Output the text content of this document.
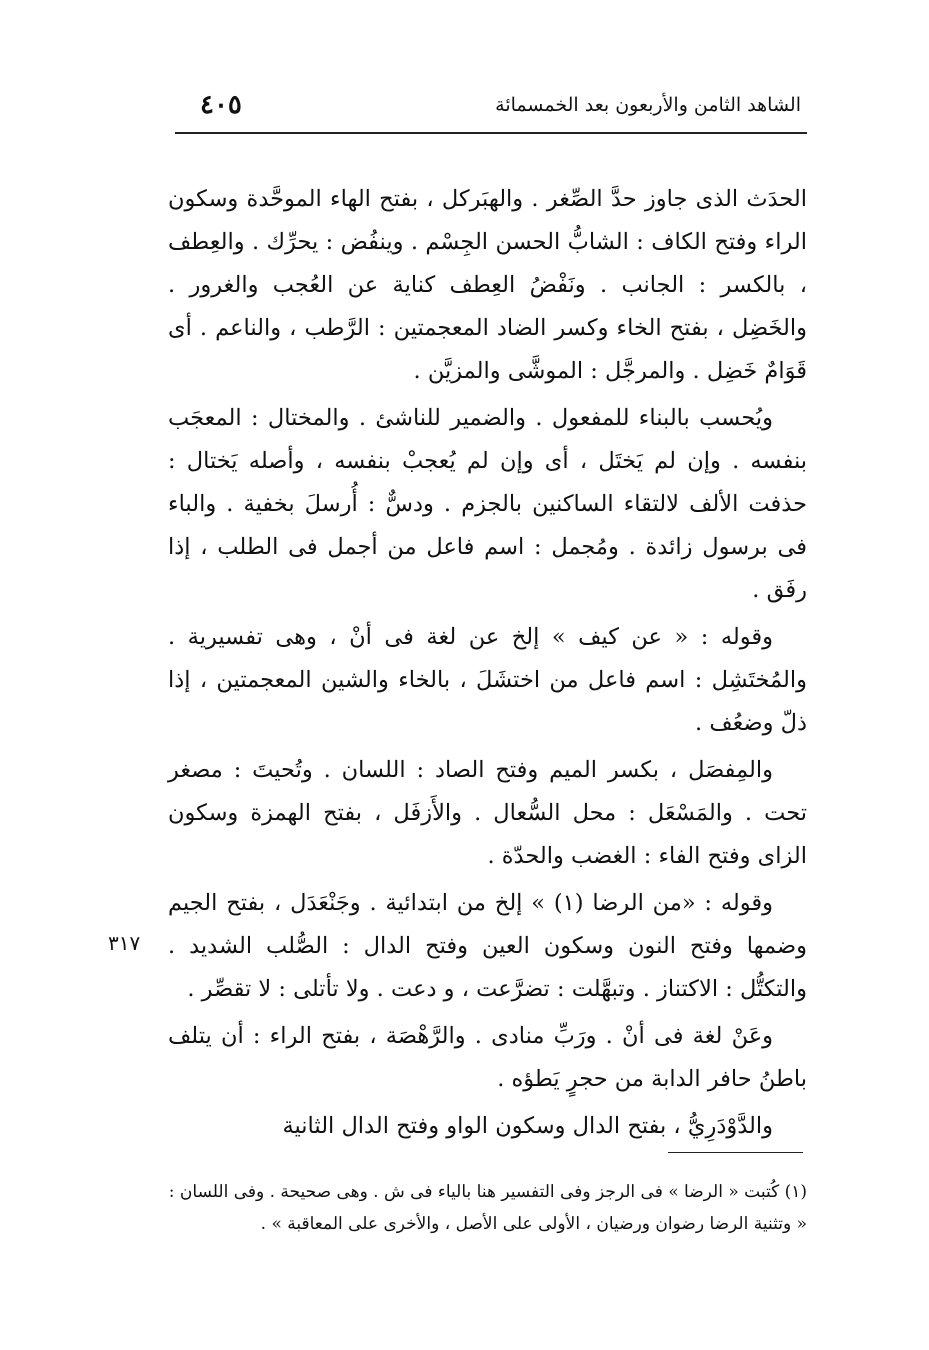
٤٠٥	الشاهد الثامن والأربعون بعد الخمسمائة

الحدَث الذى جاوز حدَّ الصِّغر . والهبَركل ، بفتح الهاء الموحَّدة وسكون الراء وفتح الكاف : الشابُّ الحسن الجِسْم . وينفُض : يحرِّك . والعِطف ، بالكسر : الجانب . ونَفْضُ العِطف كناية عن العُجب والغرور . والخَضِل ، بفتح الخاء وكسر الضاد المعجمتين : الرَّطب ، والناعم . أى قَوَامٌ خَضِل . والمرجَّل : الموشَّى والمزيَّن .

ويُحسب بالبناء للمفعول . والضمير للناشئ . والمختال : المعجَب بنفسه . وإن لم يَختَل ، أى وإن لم يُعجبْ بنفسه ، وأصله يَختال : حذفت الألف لالتقاء الساكنين بالجزم . ودسٌّ : أُرسلَ بخفية . والباء فى برسول زائدة . ومُجمل : اسم فاعل من أجمل فى الطلب ، إذا رفَق .

وقوله : « عن كيف » إلخ عن لغة فى أنْ ، وهى تفسيرية . والمُختَشِل : اسم فاعل من اختشَلَ ، بالخاء والشين المعجمتين ، إذا ذلّ وضعُف .

والمِفصَل ، بكسر الميم وفتح الصاد : اللسان . وتُحيتَ : مصغر تحت . والمَسْعَل : محل السُّعال . والأَزفَل ، بفتح الهمزة وسكون الزاى وفتح الفاء : الغضب والحدّة .

وقوله : «من الرضا (١) » إلخ من ابتدائية . وجَنْعَدَل ، بفتح الجيم وضمها وفتح النون وسكون العين وفتح الدال : الصُّلب الشديد . والتكتُّل : الاكتناز . وتبهَّلت : تضرَّعت ، و دعت . ولا تأتلى : لا تقصِّر .

وعَنْ لغة فى أنْ . ورَبِّ منادى . والرَّهْصَة ، بفتح الراء : أن يتلف باطنُ حافر الدابة من حجرٍ يَطؤه .

والدَّوْدَرِيُّ ، بفتح الدال وسكون الواو وفتح الدال الثانية

٣١٧

(١) كُتبت « الرضا » فى الرجز وفى التفسير هنا بالياء فى ش . وهى صحيحة . وفى اللسان :

« وتثنية الرضا رضوان ورضيان ، الأولى على الأصل ، والأخرى على المعاقبة » .
